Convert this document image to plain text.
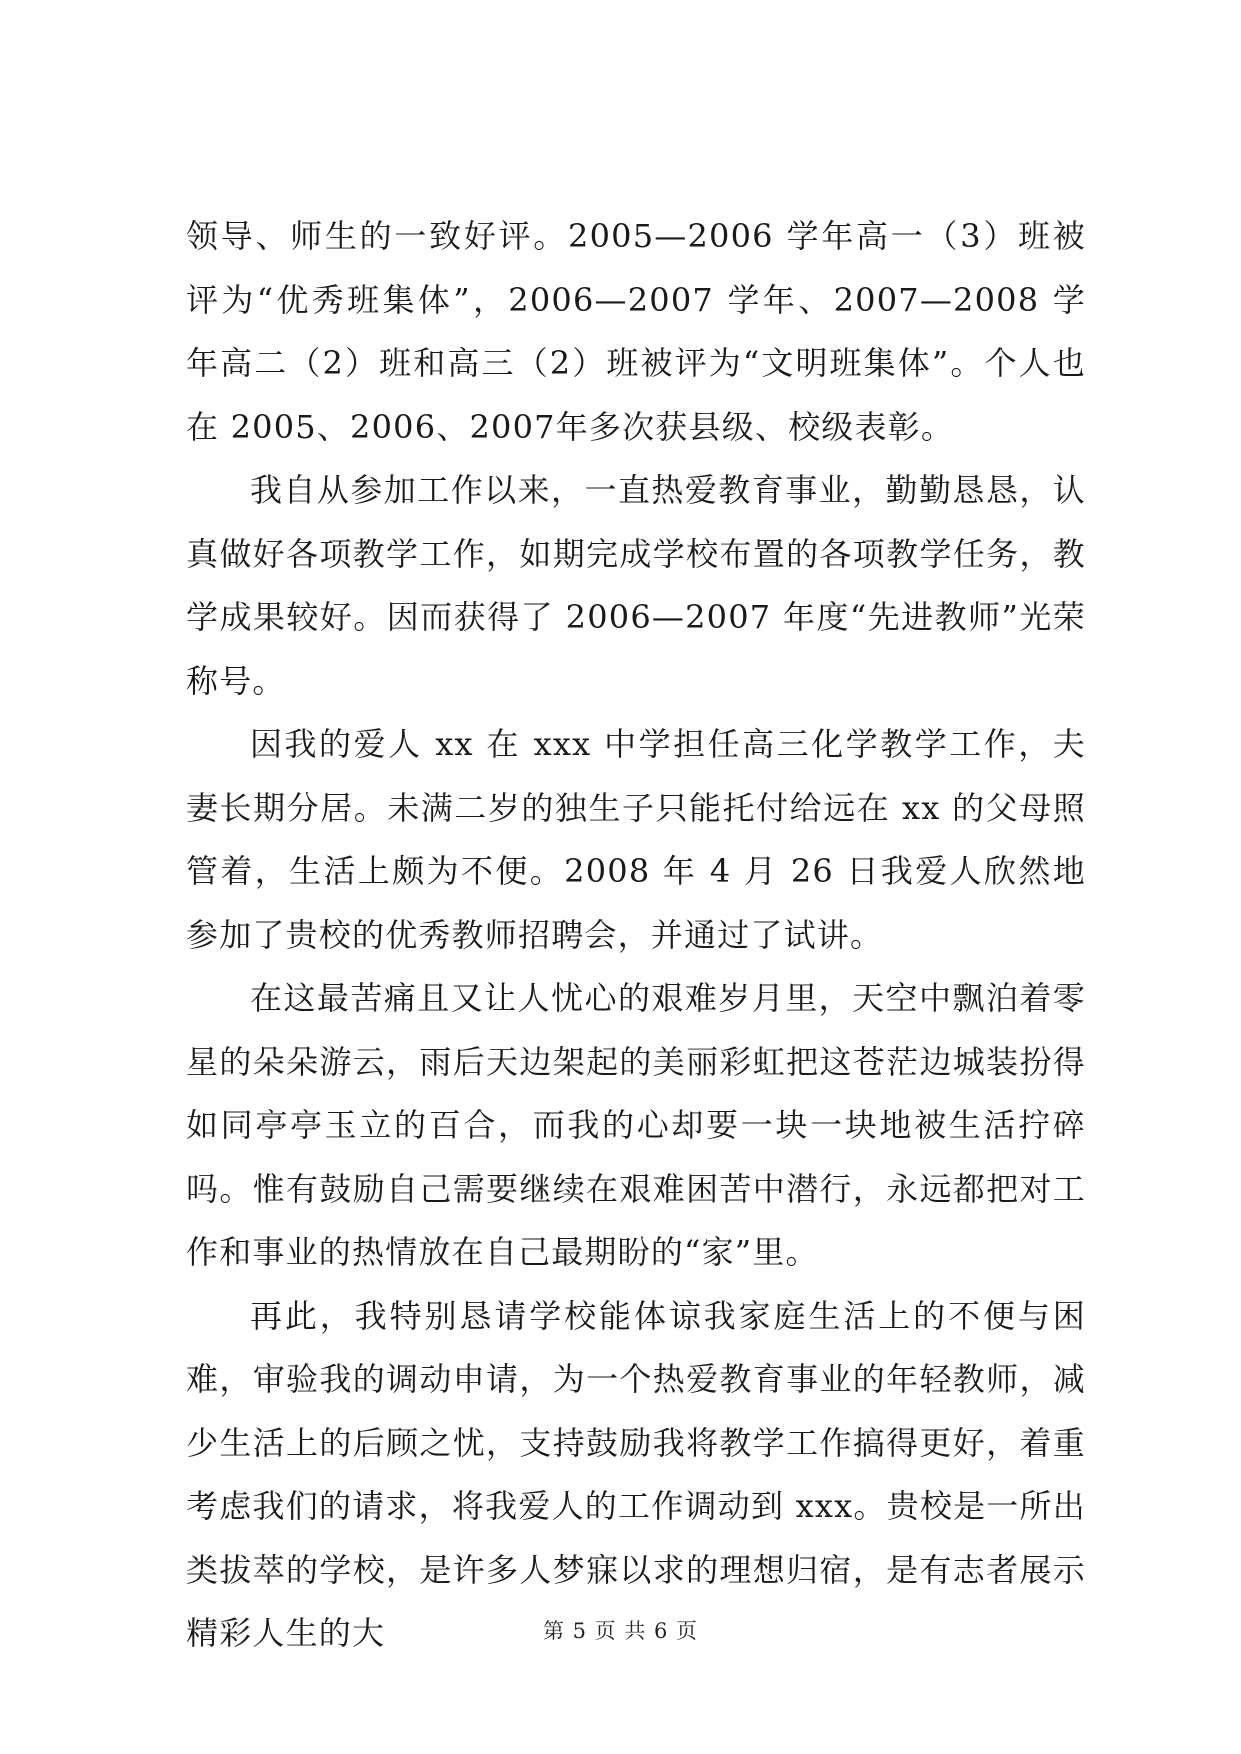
领导、师生的一致好评。2005—2006 学年高一（3）班被评为“优秀班集体”，2006—2007 学年、2007—2008 学年高二（2）班和高三（2）班被评为“文明班集体”。个人也在 2005、2006、2007年多次获县级、校级表彰。

我自从参加工作以来，一直热爱教育事业，勤勤恳恳，认真做好各项教学工作，如期完成学校布置的各项教学任务，教学成果较好。因而获得了 2006—2007 年度“先进教师”光荣称号。

因我的爱人 xx 在 xxx 中学担任高三化学教学工作，夫妻长期分居。未满二岁的独生子只能托付给远在 xx 的父母照管着，生活上颇为不便。2008 年 4 月 26 日我爱人欣然地参加了贵校的优秀教师招聘会，并通过了试讲。

在这最苦痛且又让人忧心的艰难岁月里，天空中飘泊着零星的朵朵游云，雨后天边架起的美丽彩虹把这苍茫边城装扮得如同亭亭玉立的百合，而我的心却要一块一块地被生活拧碎吗。惟有鼓励自己需要继续在艰难困苦中潜行，永远都把对工作和事业的热情放在自己最期盼的“家”里。

再此，我特别恳请学校能体谅我家庭生活上的不便与困难，审验我的调动申请，为一个热爱教育事业的年轻教师，减少生活上的后顾之忧，支持鼓励我将教学工作搞得更好，着重考虑我们的请求，将我爱人的工作调动到 xxx。贵校是一所出类拔萃的学校，是许多人梦寐以求的理想归宿，是有志者展示精彩人生的大	第 5 页 共 6 页
